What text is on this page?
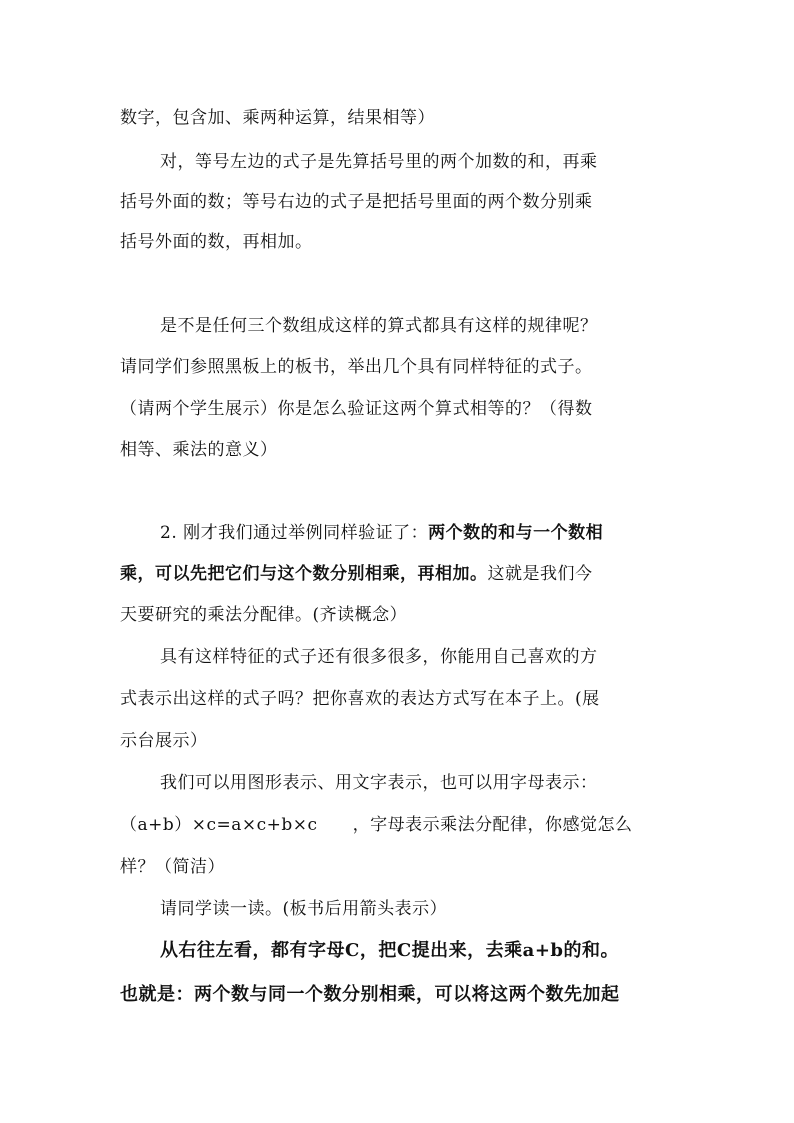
数字，包含加、乘两种运算，结果相等）
对，等号左边的式子是先算括号里的两个加数的和，再乘
括号外面的数；等号右边的式子是把括号里面的两个数分别乘
括号外面的数，再相加。
是不是任何三个数组成这样的算式都具有这样的规律呢？
请同学们参照黑板上的板书，举出几个具有同样特征的式子。
（请两个学生展示）你是怎么验证这两个算式相等的？（得数
相等、乘法的意义）
2. 刚才我们通过举例同样验证了：两个数的和与一个数相
乘，可以先把它们与这个数分别相乘，再相加。这就是我们今
天要研究的乘法分配律。(齐读概念）
具有这样特征的式子还有很多很多，你能用自己喜欢的方
式表示出这样的式子吗？把你喜欢的表达方式写在本子上。(展
示台展示）
我们可以用图形表示、用文字表示，也可以用字母表示：
（a+b）×c=a×c+b×c　　，字母表示乘法分配律，你感觉怎么
样？（简洁）
请同学读一读。(板书后用箭头表示）
从右往左看，都有字母C，把C提出来，去乘a+b的和。
也就是：两个数与同一个数分别相乘，可以将这两个数先加起
